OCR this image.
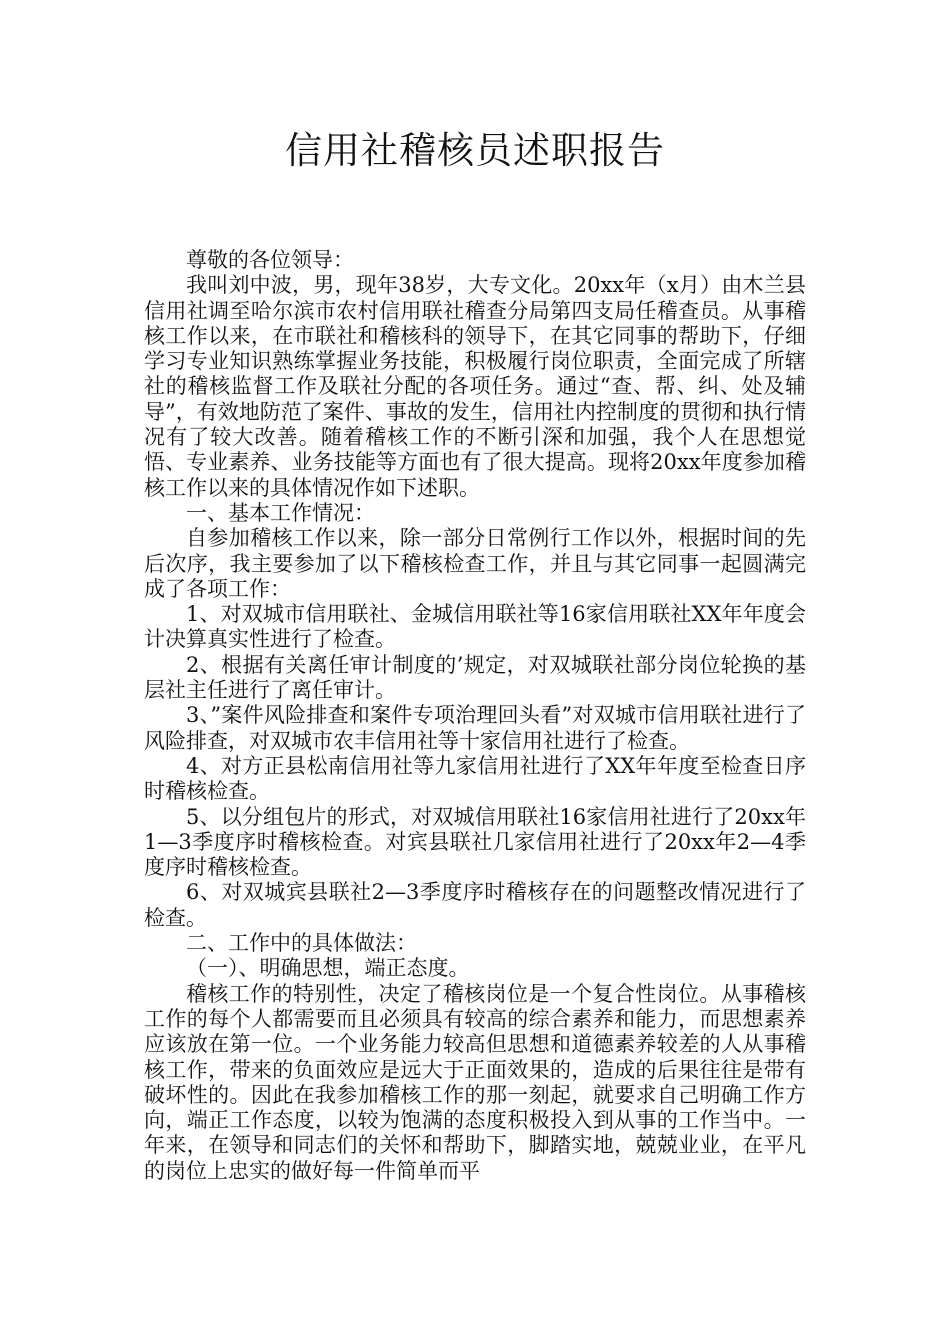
信用社稽核员述职报告

尊敬的各位领导：

我叫刘中波，男，现年38岁，大专文化。20xx年（x月）由木兰县信用社调至哈尔滨市农村信用联社稽查分局第四支局任稽查员。从事稽核工作以来，在市联社和稽核科的领导下，在其它同事的帮助下，仔细学习专业知识熟练掌握业务技能，积极履行岗位职责，全面完成了所辖社的稽核监督工作及联社分配的各项任务。通过“查、帮、纠、处及辅导”，有效地防范了案件、事故的发生，信用社内控制度的贯彻和执行情况有了较大改善。随着稽核工作的不断引深和加强，我个人在思想觉悟、专业素养、业务技能等方面也有了很大提高。现将20xx年度参加稽核工作以来的具体情况作如下述职。

一、基本工作情况：

自参加稽核工作以来，除一部分日常例行工作以外，根据时间的先后次序，我主要参加了以下稽核检查工作，并且与其它同事一起圆满完成了各项工作：

1、对双城市信用联社、金城信用联社等16家信用联社XX年年度会计决算真实性进行了检查。

2、根据有关离任审计制度的’规定，对双城联社部分岗位轮换的基层社主任进行了离任审计。

3、”案件风险排查和案件专项治理回头看”对双城市信用联社进行了风险排查，对双城市农丰信用社等十家信用社进行了检查。

4、对方正县松南信用社等九家信用社进行了XX年年度至检查日序时稽核检查。

5、以分组包片的形式，对双城信用联社16家信用社进行了20xx年1—3季度序时稽核检查。对宾县联社几家信用社进行了20xx年2—4季度序时稽核检查。

6、对双城宾县联社2—3季度序时稽核存在的问题整改情况进行了检查。

二、工作中的具体做法：

（一）、明确思想，端正态度。

稽核工作的特别性，决定了稽核岗位是一个复合性岗位。从事稽核工作的每个人都需要而且必须具有较高的综合素养和能力，而思想素养应该放在第一位。一个业务能力较高但思想和道德素养较差的人从事稽核工作，带来的负面效应是远大于正面效果的，造成的后果往往是带有破坏性的。因此在我参加稽核工作的那一刻起，就要求自己明确工作方向，端正工作态度，以较为饱满的态度积极投入到从事的工作当中。一年来，在领导和同志们的关怀和帮助下，脚踏实地，兢兢业业，在平凡的岗位上忠实的做好每一件简单而平
